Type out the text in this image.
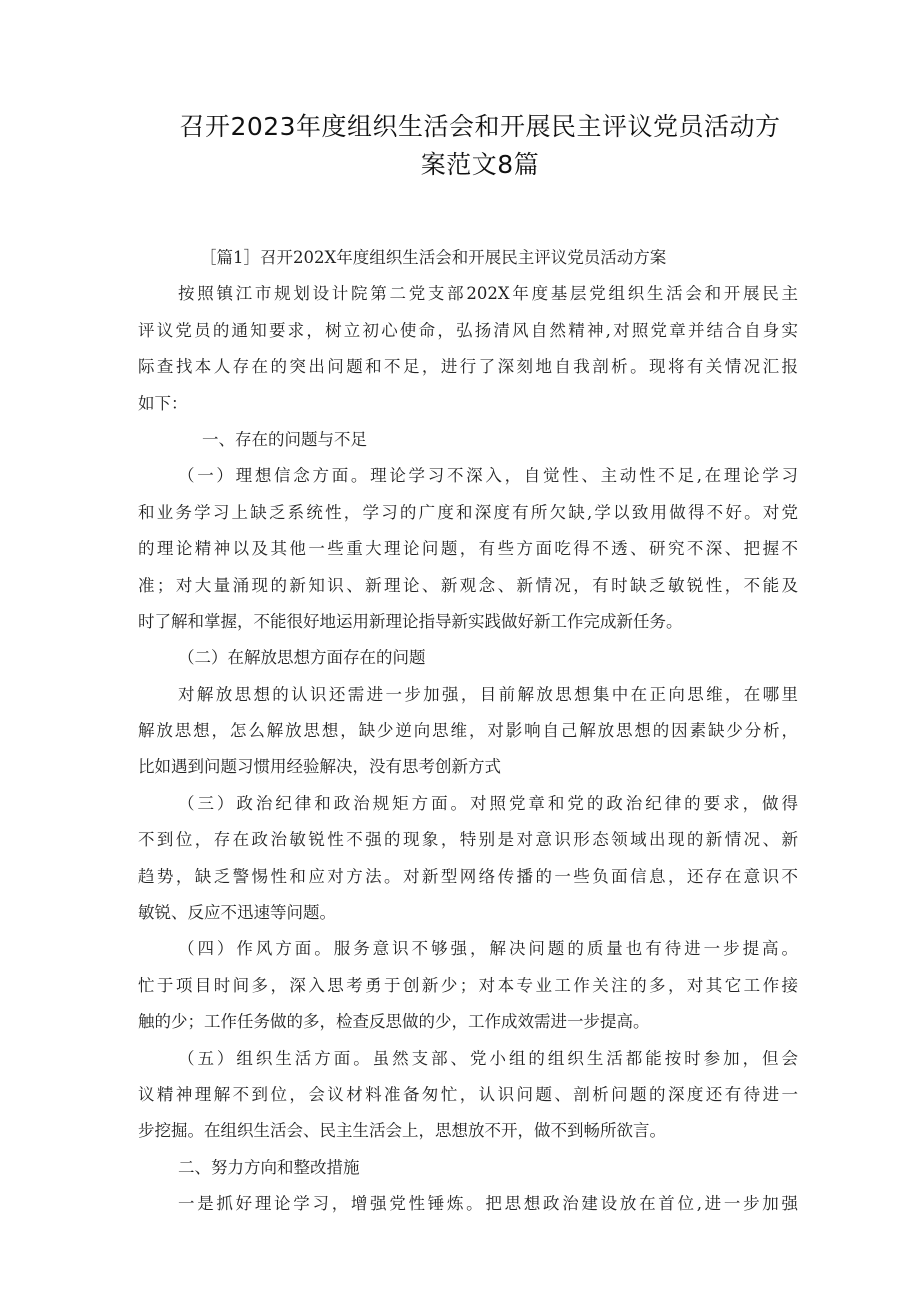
召开2023年度组织生活会和开展民主评议党员活动方
案范文8篇
［篇1］召开202X年度组织生活会和开展民主评议党员活动方案
按照镇江市规划设计院第二党支部202X年度基层党组织生活会和开展民主
评议党员的通知要求，树立初心使命，弘扬清风自然精神,对照党章并结合自身实
际查找本人存在的突出问题和不足，进行了深刻地自我剖析。现将有关情况汇报
如下：
一、存在的问题与不足
（一）理想信念方面。理论学习不深入，自觉性、主动性不足,在理论学习
和业务学习上缺乏系统性，学习的广度和深度有所欠缺,学以致用做得不好。对党
的理论精神以及其他一些重大理论问题，有些方面吃得不透、研究不深、把握不
准；对大量涌现的新知识、新理论、新观念、新情况，有时缺乏敏锐性，不能及
时了解和掌握，不能很好地运用新理论指导新实践做好新工作完成新任务。
（二）在解放思想方面存在的问题
对解放思想的认识还需进一步加强，目前解放思想集中在正向思维，在哪里
解放思想，怎么解放思想，缺少逆向思维，对影响自己解放思想的因素缺少分析，
比如遇到问题习惯用经验解决，没有思考创新方式
（三）政治纪律和政治规矩方面。对照党章和党的政治纪律的要求，做得
不到位，存在政治敏锐性不强的现象，特别是对意识形态领域出现的新情况、新
趋势，缺乏警惕性和应对方法。对新型网络传播的一些负面信息，还存在意识不
敏锐、反应不迅速等问题。
（四）作风方面。服务意识不够强，解决问题的质量也有待进一步提高。
忙于项目时间多，深入思考勇于创新少；对本专业工作关注的多，对其它工作接
触的少；工作任务做的多，检查反思做的少，工作成效需进一步提高。
（五）组织生活方面。虽然支部、党小组的组织生活都能按时参加，但会
议精神理解不到位，会议材料准备匆忙，认识问题、剖析问题的深度还有待进一
步挖掘。在组织生活会、民主生活会上，思想放不开，做不到畅所欲言。
二、努力方向和整改措施
一是抓好理论学习，增强党性锤炼。把思想政治建设放在首位,进一步加强
